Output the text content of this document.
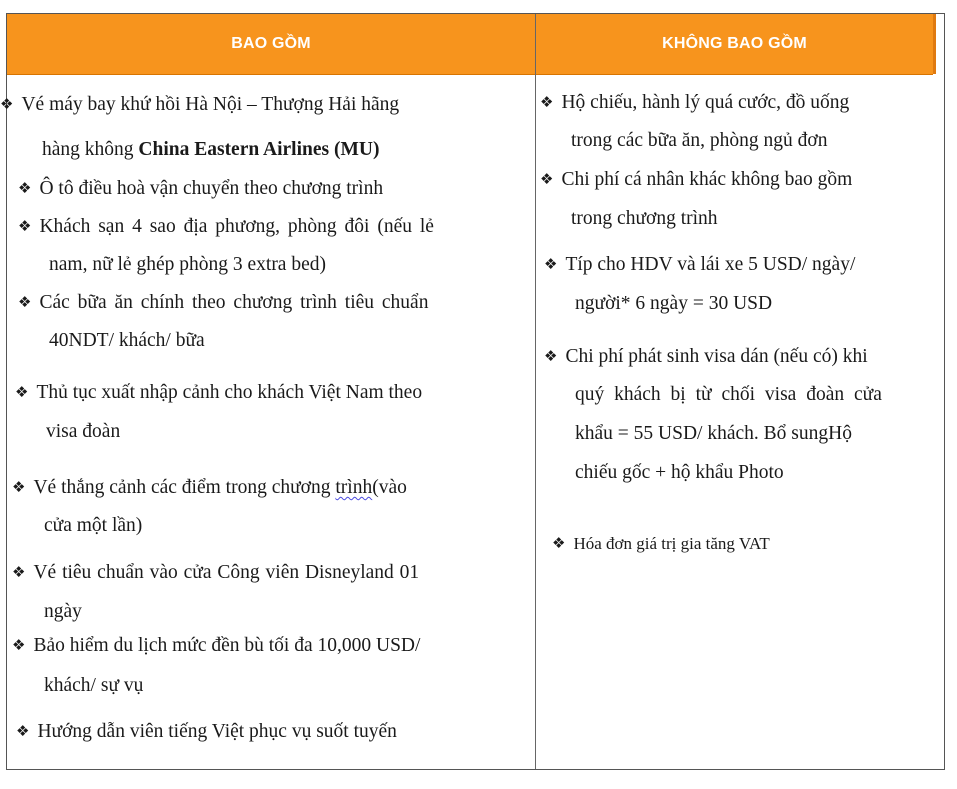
BAO GỒM	KHÔNG BAO GỒM
❖ Vé máy bay khứ hồi Hà Nội – Thượng Hải hãng
hàng không China Eastern Airlines (MU)
❖ Ô tô điều hoà vận chuyển theo chương trình
❖ Khách sạn 4 sao địa phương, phòng đôi (nếu lẻ
nam, nữ lẻ ghép phòng 3 extra bed)
❖ Các bữa ăn chính theo chương trình tiêu chuẩn
40NDT/ khách/ bữa
❖ Thủ tục xuất nhập cảnh cho khách Việt Nam theo
visa đoàn
❖ Vé thắng cảnh các điểm trong chương trình(vào
cửa một lần)
❖ Vé tiêu chuẩn vào cửa Công viên Disneyland 01
ngày
❖ Bảo hiểm du lịch mức đền bù tối đa 10,000 USD/
khách/ sự vụ
❖ Hướng dẫn viên tiếng Việt phục vụ suốt tuyến
❖ Hộ chiếu, hành lý quá cước, đồ uống
trong các bữa ăn, phòng ngủ đơn
❖ Chi phí cá nhân khác không bao gồm
trong chương trình
❖ Típ cho HDV và lái xe 5 USD/ ngày/
người* 6 ngày = 30 USD
❖ Chi phí phát sinh visa dán (nếu có) khi
quý khách bị từ chối visa đoàn cửa
khẩu = 55 USD/ khách. Bổ sungHộ
chiếu gốc + hộ khẩu Photo
❖ Hóa đơn giá trị gia tăng VAT
